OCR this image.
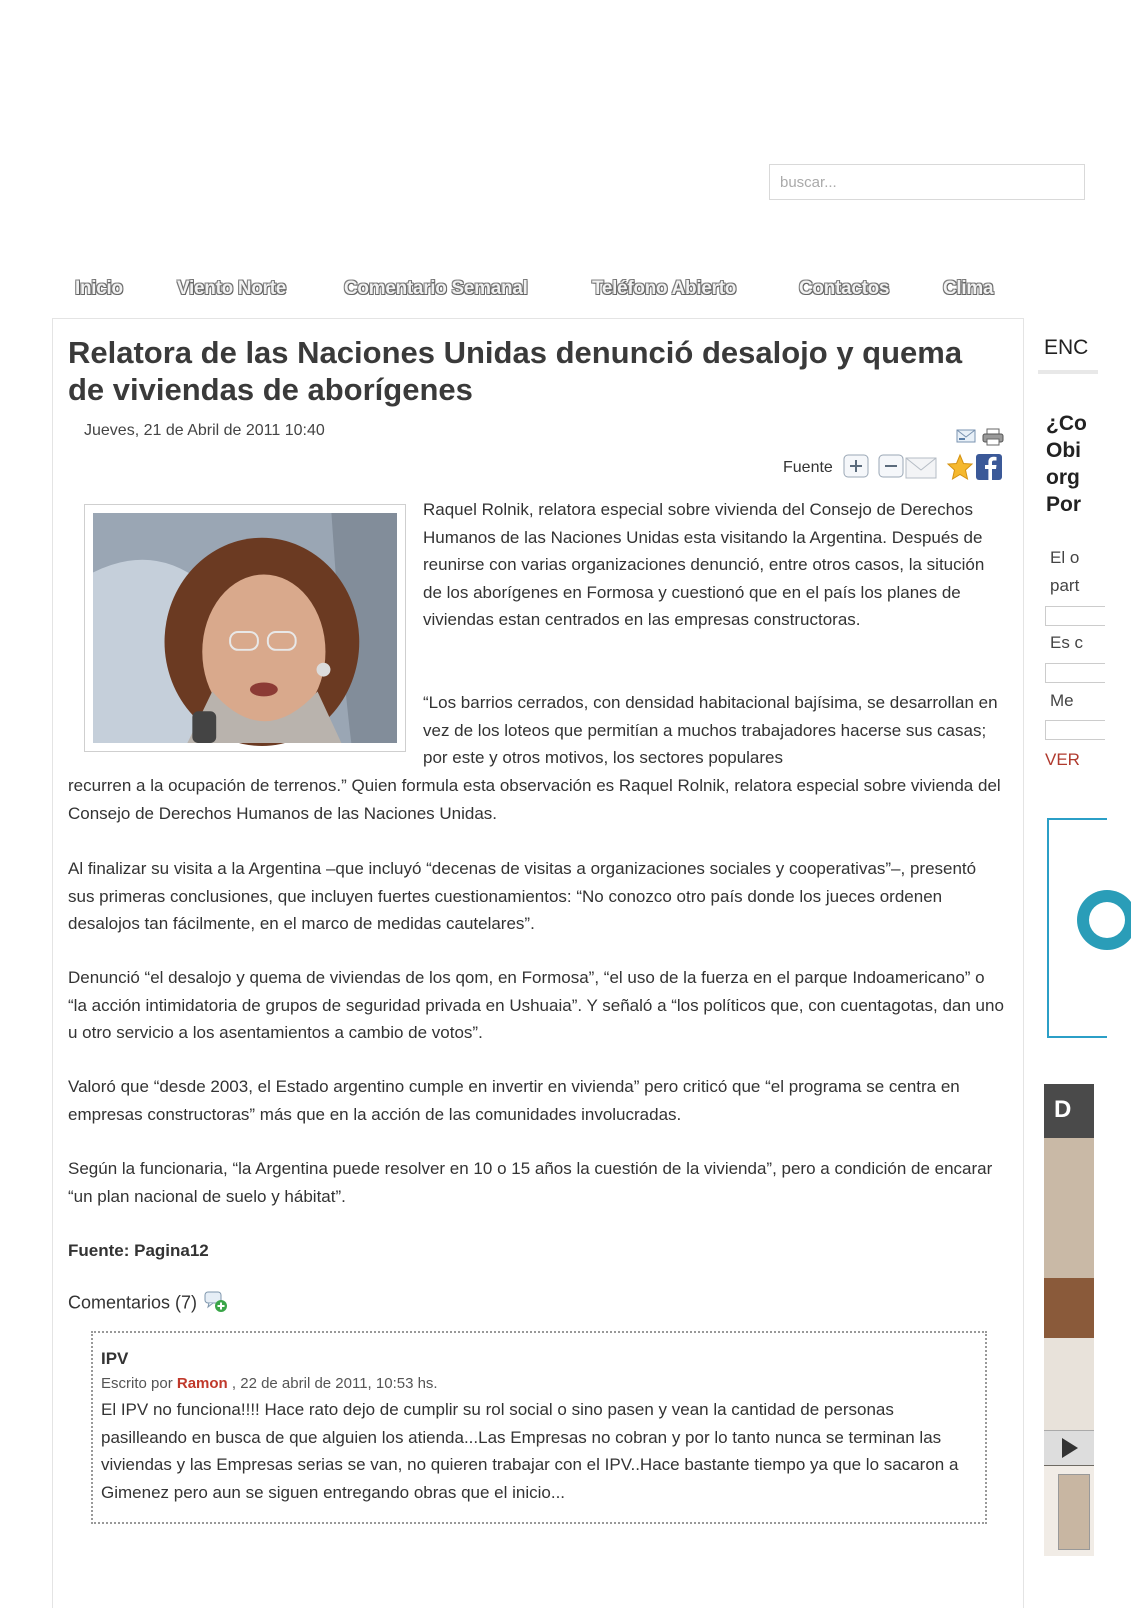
buscar...
Inicio	Viento Norte	Comentario Semanal	Teléfono Abierto	Contactos	Clima
Relatora de las Naciones Unidas denunció desalojo y quema de viviendas de aborígenes
Jueves, 21 de Abril de 2011 10:40
Fuente

Raquel Rolnik, relatora especial sobre vivienda del Consejo de Derechos Humanos de las Naciones Unidas esta visitando la Argentina. Después de reunirse con varias organizaciones denunció, entre otros casos, la situción de los aborígenes en Formosa y cuestionó que en el país los planes de viviendas estan centrados en las empresas constructoras.

“Los barrios cerrados, con densidad habitacional bajísima, se desarrollan en vez de los loteos que permitían a muchos trabajadores hacerse sus casas; por este y otros motivos, los sectores populares

recurren a la ocupación de terrenos.” Quien formula esta observación es Raquel Rolnik, relatora especial sobre vivienda del Consejo de Derechos Humanos de las Naciones Unidas.

Al finalizar su visita a la Argentina –que incluyó “decenas de visitas a organizaciones sociales y cooperativas”–, presentó sus primeras conclusiones, que incluyen fuertes cuestionamientos: “No conozco otro país donde los jueces ordenen desalojos tan fácilmente, en el marco de medidas cautelares”.

Denunció “el desalojo y quema de viviendas de los qom, en Formosa”, “el uso de la fuerza en el parque Indoamericano” o “la acción intimidatoria de grupos de seguridad privada en Ushuaia”. Y señaló a “los políticos que, con cuentagotas, dan uno u otro servicio a los asentamientos a cambio de votos”.

Valoró que “desde 2003, el Estado argentino cumple en invertir en vivienda” pero criticó que “el programa se centra en empresas constructoras” más que en la acción de las comunidades involucradas.

Según la funcionaria, “la Argentina puede resolver en 10 o 15 años la cuestión de la vivienda”, pero a condición de encarar “un plan nacional de suelo y hábitat”.

Fuente: Pagina12

Comentarios (7)
IPV
Escrito por Ramon , 22 de abril de 2011, 10:53 hs.
El IPV no funciona!!!! Hace rato dejo de cumplir su rol social o sino pasen y vean la cantidad de personas pasilleando en busca de que alguien los atienda...Las Empresas no cobran y por lo tanto nunca se terminan las viviendas y las Empresas serias se van, no quieren trabajar con el IPV..Hace bastante tiempo ya que lo sacaron a Gimenez pero aun se siguen entregando obras que el inicio...
ENC
¿Co
Obi
org
Por
El o
part
Es c
Me
VER
D
